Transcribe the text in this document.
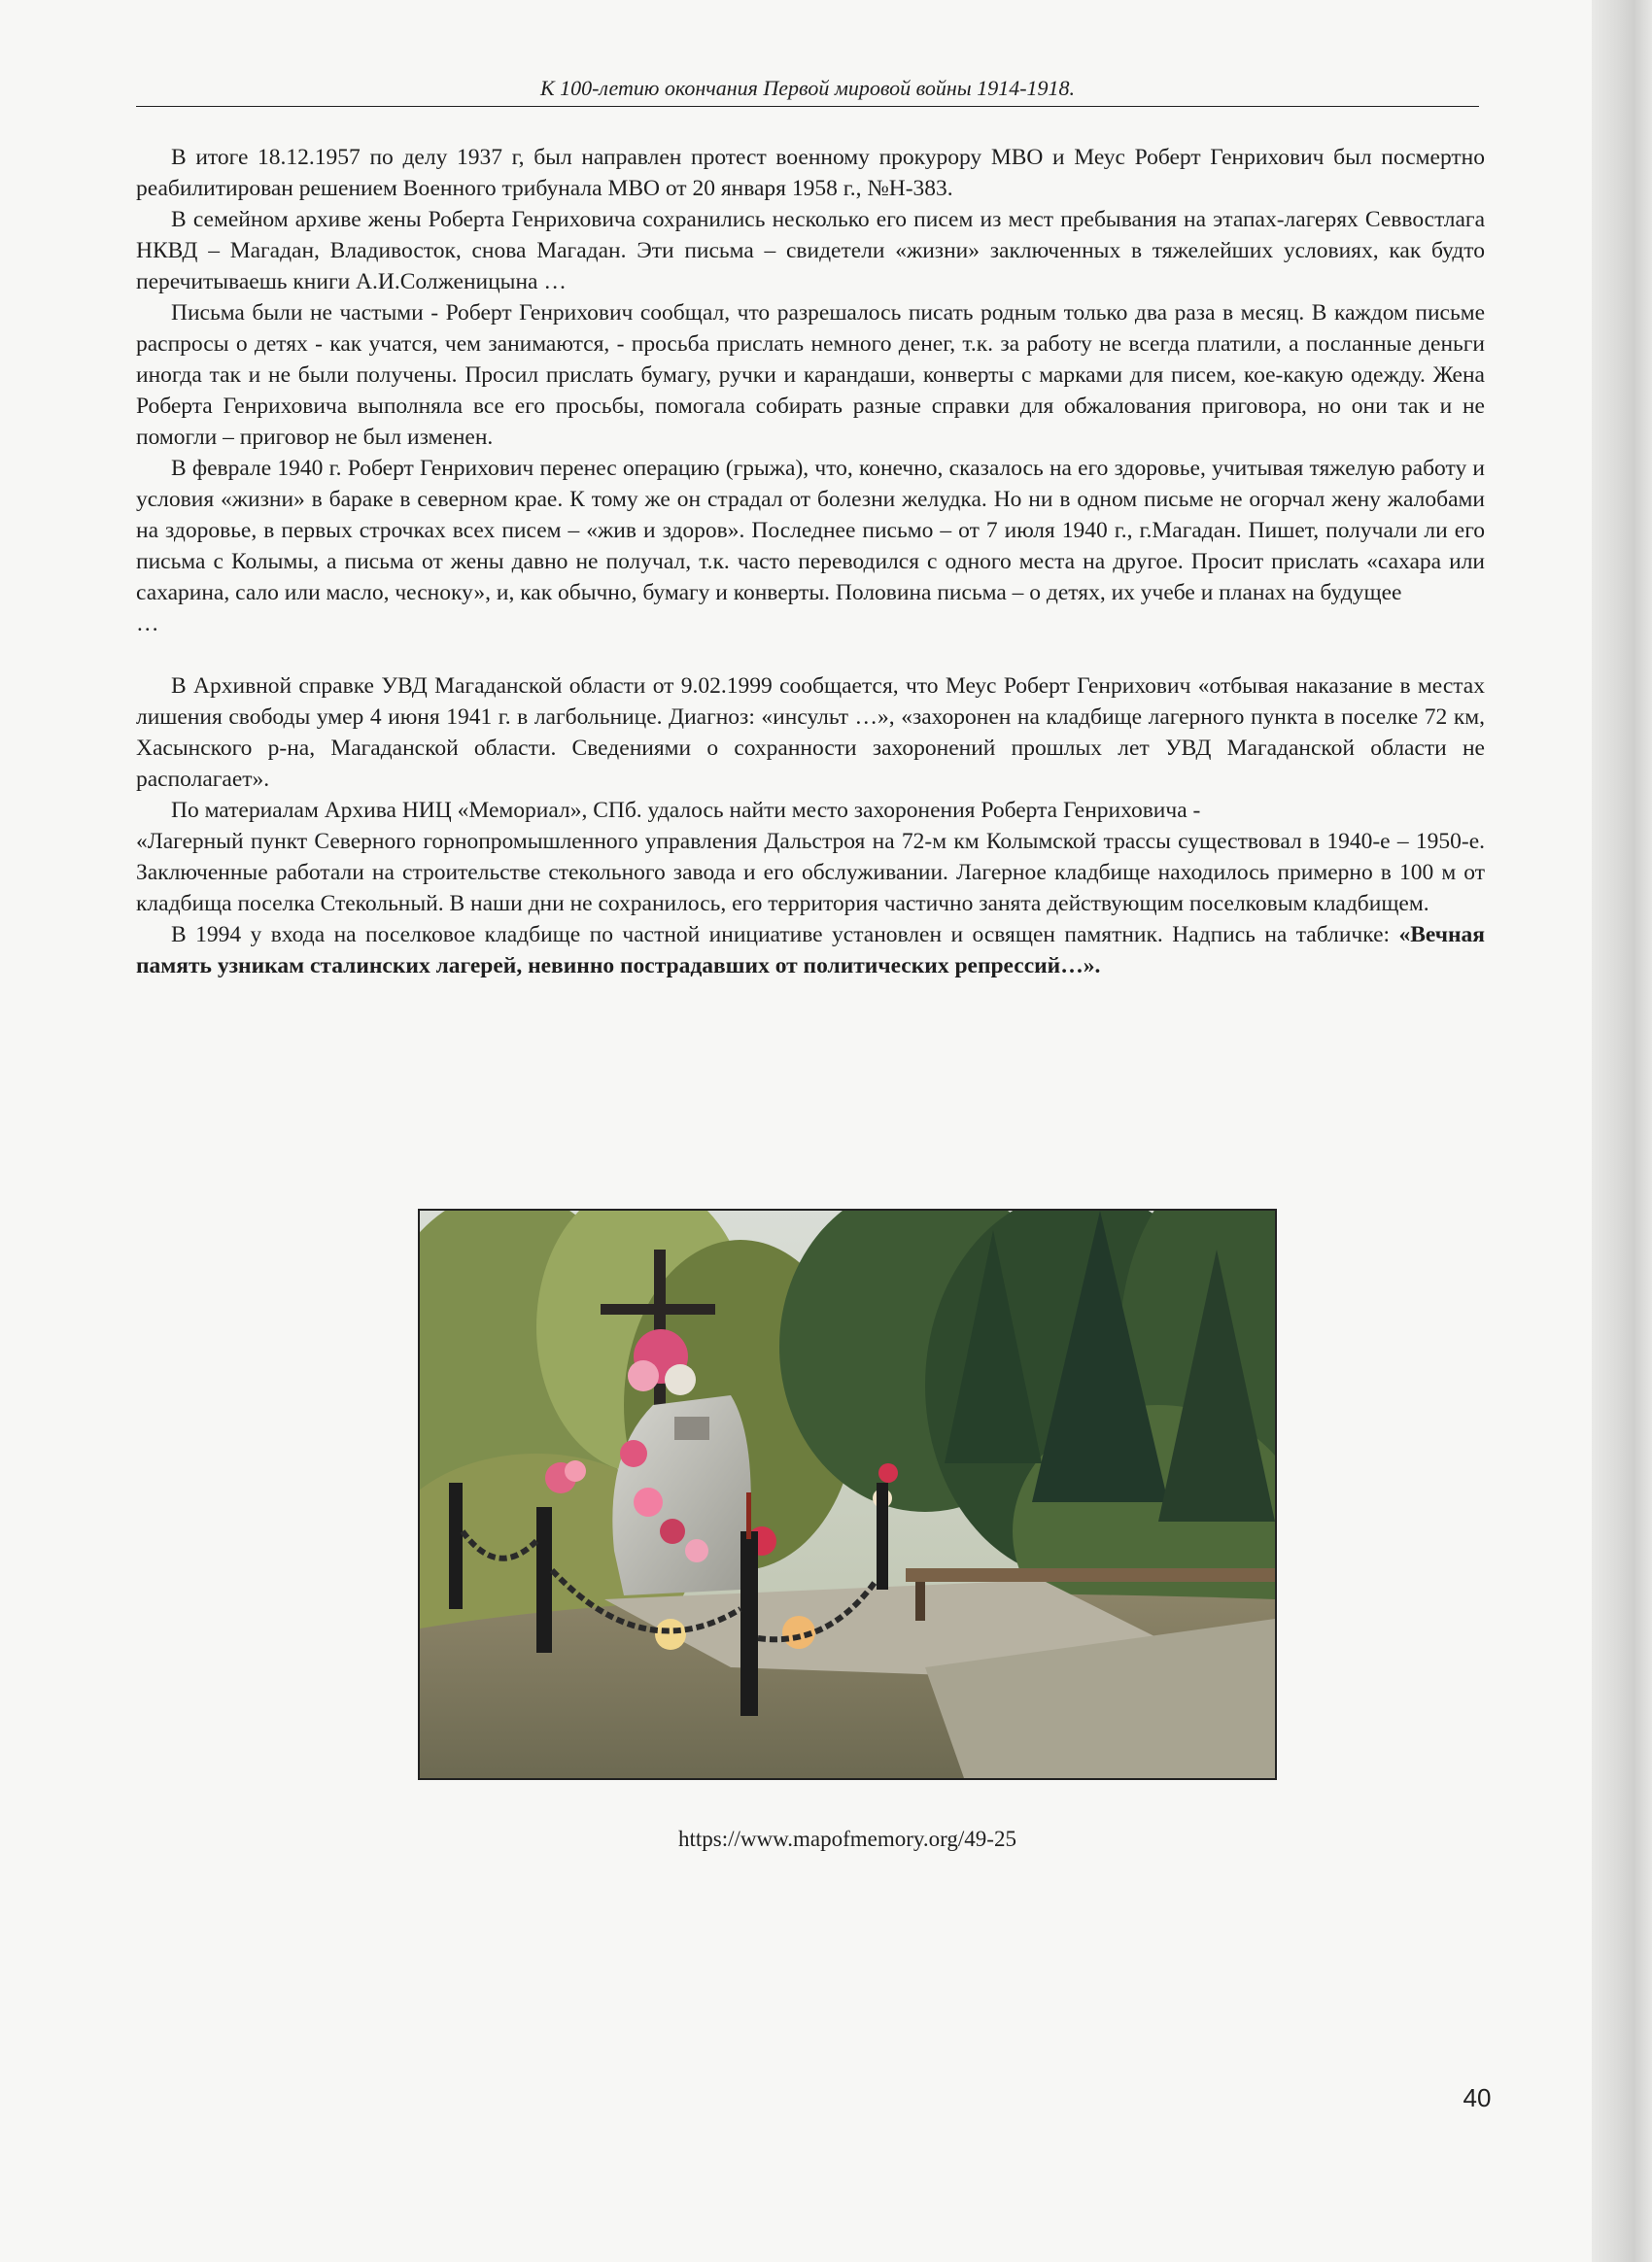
К 100-летию окончания Первой мировой войны 1914-1918.

В итоге 18.12.1957 по делу 1937 г, был направлен протест военному прокурору МВО и Меус Роберт Генрихович был посмертно реабилитирован решением Военного трибунала МВО от 20 января 1958 г., №Н-383.

В семейном архиве жены Роберта Генриховича сохранились несколько его писем из мест пребывания на этапах-лагерях Севвостлага НКВД – Магадан, Владивосток, снова Магадан. Эти письма – свидетели «жизни» заключенных в тяжелейших условиях, как будто перечитываешь книги А.И.Солженицына …

Письма были не частыми - Роберт Генрихович сообщал, что разрешалось писать родным только два раза в месяц. В каждом письме распросы о детях - как учатся, чем занимаются, - просьба прислать немного денег, т.к. за работу не всегда платили, а посланные деньги иногда так и не были получены. Просил прислать бумагу, ручки и карандаши, конверты с марками для писем, кое-какую одежду. Жена Роберта Генриховича выполняла все его просьбы, помогала собирать разные справки для обжалования приговора, но они так и не помогли – приговор не был изменен.

В феврале 1940 г. Роберт Генрихович перенес операцию (грыжа), что, конечно, сказалось на его здоровье, учитывая тяжелую работу и условия «жизни» в бараке в северном крае. К тому же он страдал от болезни желудка. Но ни в одном письме не огорчал жену жалобами на здоровье, в первых строчках всех писем – «жив и здоров». Последнее письмо – от 7 июля 1940 г., г.Магадан. Пишет, получали ли его письма с Колымы, а письма от жены давно не получал, т.к. часто переводился с одного места на другое. Просит прислать «сахара или сахарина, сало или масло, чесноку», и, как обычно, бумагу и конверты. Половина письма – о детях, их учебе и планах на будущее

…

В Архивной справке УВД Магаданской области от 9.02.1999 сообщается, что Меус Роберт Генрихович «отбывая наказание в местах лишения свободы умер 4 июня 1941 г. в лагбольнице. Диагноз: «инсульт …», «захоронен на кладбище лагерного пункта в поселке 72 км, Хасынского р-на, Магаданской области. Сведениями о сохранности захоронений прошлых лет УВД Магаданской области не располагает».

По материалам Архива НИЦ «Мемориал», СПб. удалось найти место захоронения Роберта Генриховича -

«Лагерный пункт Северного горнопромышленного управления Дальстроя на 72-м км Колымской трассы существовал в 1940-е – 1950-е. Заключенные работали на строительстве стекольного завода и его обслуживании. Лагерное кладбище находилось примерно в 100 м от кладбища поселка Стекольный. В наши дни не сохранилось, его территория частично занята действующим поселковым кладбищем.

В 1994 у входа на поселковое кладбище по частной инициативе установлен и освящен памятник. Надпись на табличке: «Вечная память узникам сталинских лагерей, невинно пострадавших от политических репрессий…».

https://www.mapofmemory.org/49-25
40
